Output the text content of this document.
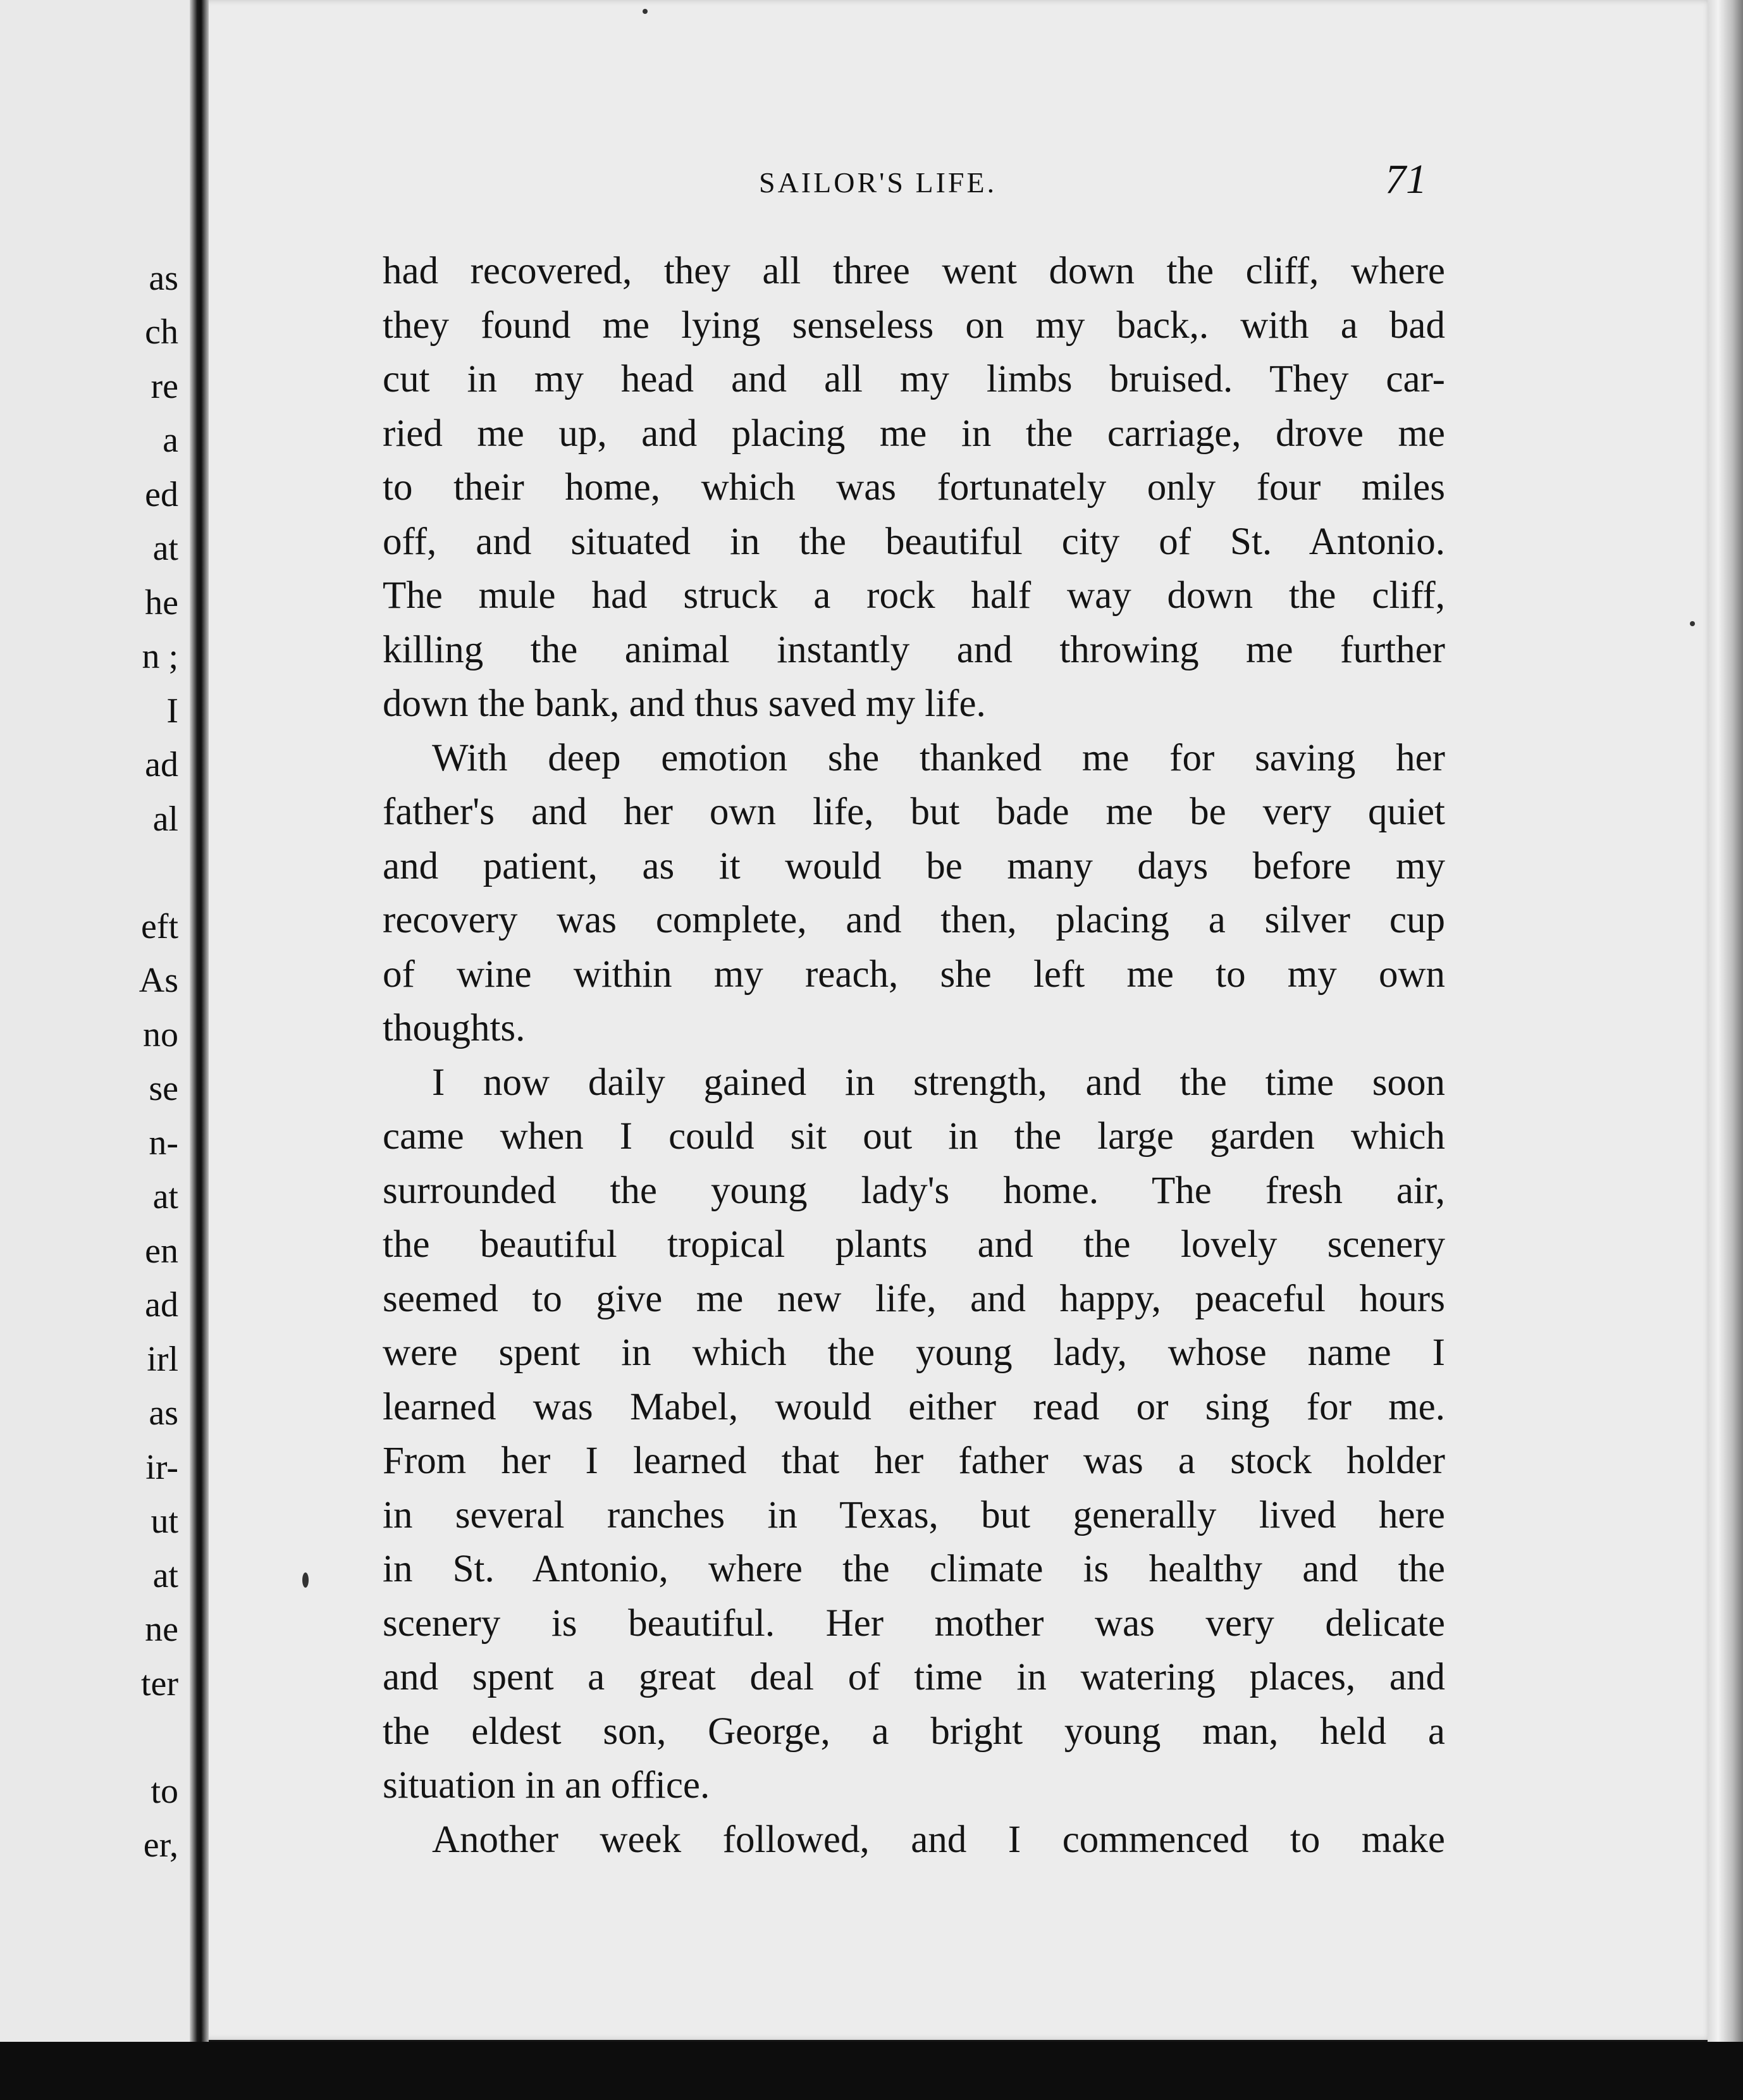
as
ch
re
a
ed
at
he
n ;
I
ad
al
eft
As
no
se
n-
at
en
ad
irl
as
ir-
ut
at
ne
ter
to
er,
SAILOR'S LIFE.	71
had recovered, they all three went down the cliff, where
they found me lying senseless on my back,. with a bad
cut in my head and all my limbs bruised. They car-
ried me up, and placing me in the carriage, drove me
to their home, which was fortunately only four miles
off, and situated in the beautiful city of St. Antonio.
The mule had struck a rock half way down the cliff,
killing the animal instantly and throwing me further
down the bank, and thus saved my life.
With deep emotion she thanked me for saving her
father's and her own life, but bade me be very quiet
and patient, as it would be many days before my
recovery was complete, and then, placing a silver cup
of wine within my reach, she left me to my own
thoughts.
I now daily gained in strength, and the time soon
came when I could sit out in the large garden which
surrounded the young lady's home. The fresh air,
the beautiful tropical plants and the lovely scenery
seemed to give me new life, and happy, peaceful hours
were spent in which the young lady, whose name I
learned was Mabel, would either read or sing for me.
From her I learned that her father was a stock holder
in several ranches in Texas, but generally lived here
in St. Antonio, where the climate is healthy and the
scenery is beautiful. Her mother was very delicate
and spent a great deal of time in watering places, and
the eldest son, George, a bright young man, held a
situation in an office.
Another week followed, and I commenced to make
